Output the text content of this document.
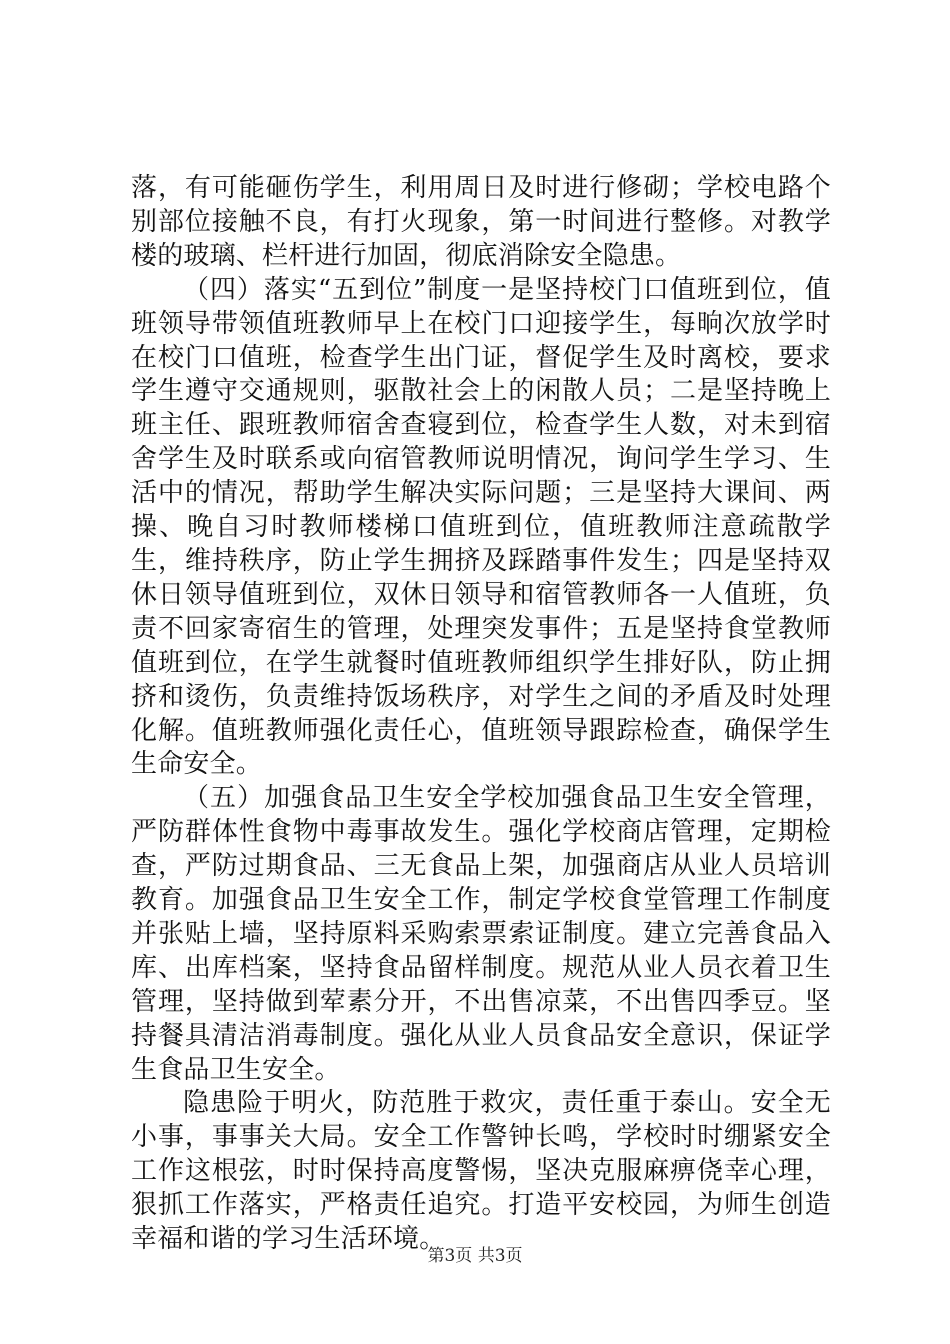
落，有可能砸伤学生，利用周日及时进行修砌；学校电路个别部位接触不良，有打火现象，第一时间进行整修。对教学楼的玻璃、栏杆进行加固，彻底消除安全隐患。

（四）落实“五到位”制度一是坚持校门口值班到位，值班领导带领值班教师早上在校门口迎接学生，每晌次放学时在校门口值班，检查学生出门证，督促学生及时离校，要求学生遵守交通规则，驱散社会上的闲散人员；二是坚持晚上班主任、跟班教师宿舍查寝到位，检查学生人数，对未到宿舍学生及时联系或向宿管教师说明情况，询问学生学习、生活中的情况，帮助学生解决实际问题；三是坚持大课间、两操、晚自习时教师楼梯口值班到位，值班教师注意疏散学生，维持秩序，防止学生拥挤及踩踏事件发生；四是坚持双休日领导值班到位，双休日领导和宿管教师各一人值班，负责不回家寄宿生的管理，处理突发事件；五是坚持食堂教师值班到位，在学生就餐时值班教师组织学生排好队，防止拥挤和烫伤，负责维持饭场秩序，对学生之间的矛盾及时处理化解。值班教师强化责任心，值班领导跟踪检查，确保学生生命安全。

（五）加强食品卫生安全学校加强食品卫生安全管理，严防群体性食物中毒事故发生。强化学校商店管理，定期检查，严防过期食品、三无食品上架，加强商店从业人员培训教育。加强食品卫生安全工作，制定学校食堂管理工作制度并张贴上墙，坚持原料采购索票索证制度。建立完善食品入库、出库档案，坚持食品留样制度。规范从业人员衣着卫生管理，坚持做到荤素分开，不出售凉菜，不出售四季豆。坚持餐具清洁消毒制度。强化从业人员食品安全意识，保证学生食品卫生安全。

隐患险于明火，防范胜于救灾，责任重于泰山。安全无小事，事事关大局。安全工作警钟长鸣，学校时时绷紧安全工作这根弦，时时保持高度警惕，坚决克服麻痹侥幸心理，狠抓工作落实，严格责任追究。打造平安校园，为师生创造幸福和谐的学习生活环境。

第3页 共3页
